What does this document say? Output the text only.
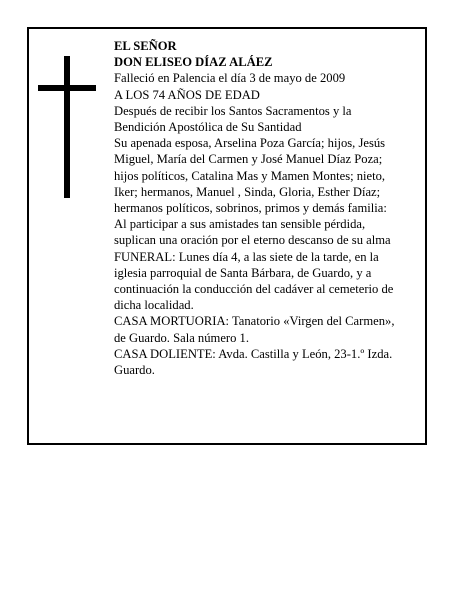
EL SEÑOR
DON ELISEO DÍAZ ALÁEZ
Falleció en Palencia el día 3 de mayo de 2009
A LOS 74 AÑOS DE EDAD
Después de recibir los Santos Sacramentos y la
Bendición Apostólica de Su Santidad
Su apenada esposa, Arselina Poza García; hijos, Jesús
Miguel, María del Carmen y José Manuel Díaz Poza;
hijos políticos, Catalina Mas y Mamen Montes; nieto,
Iker; hermanos, Manuel , Sinda, Gloria, Esther Díaz;
hermanos políticos, sobrinos, primos y demás familia:
Al participar a sus amistades tan sensible pérdida,
suplican una oración por el eterno descanso de su alma
FUNERAL: Lunes día 4, a las siete de la tarde, en la
iglesia parroquial de Santa Bárbara, de Guardo, y a
continuación la conducción del cadáver al cemeterio de
dicha localidad.
CASA MORTUORIA: Tanatorio «Virgen del Carmen»,
de Guardo. Sala número 1.
CASA DOLIENTE: Avda. Castilla y León, 23-1.º Izda.
Guardo.
